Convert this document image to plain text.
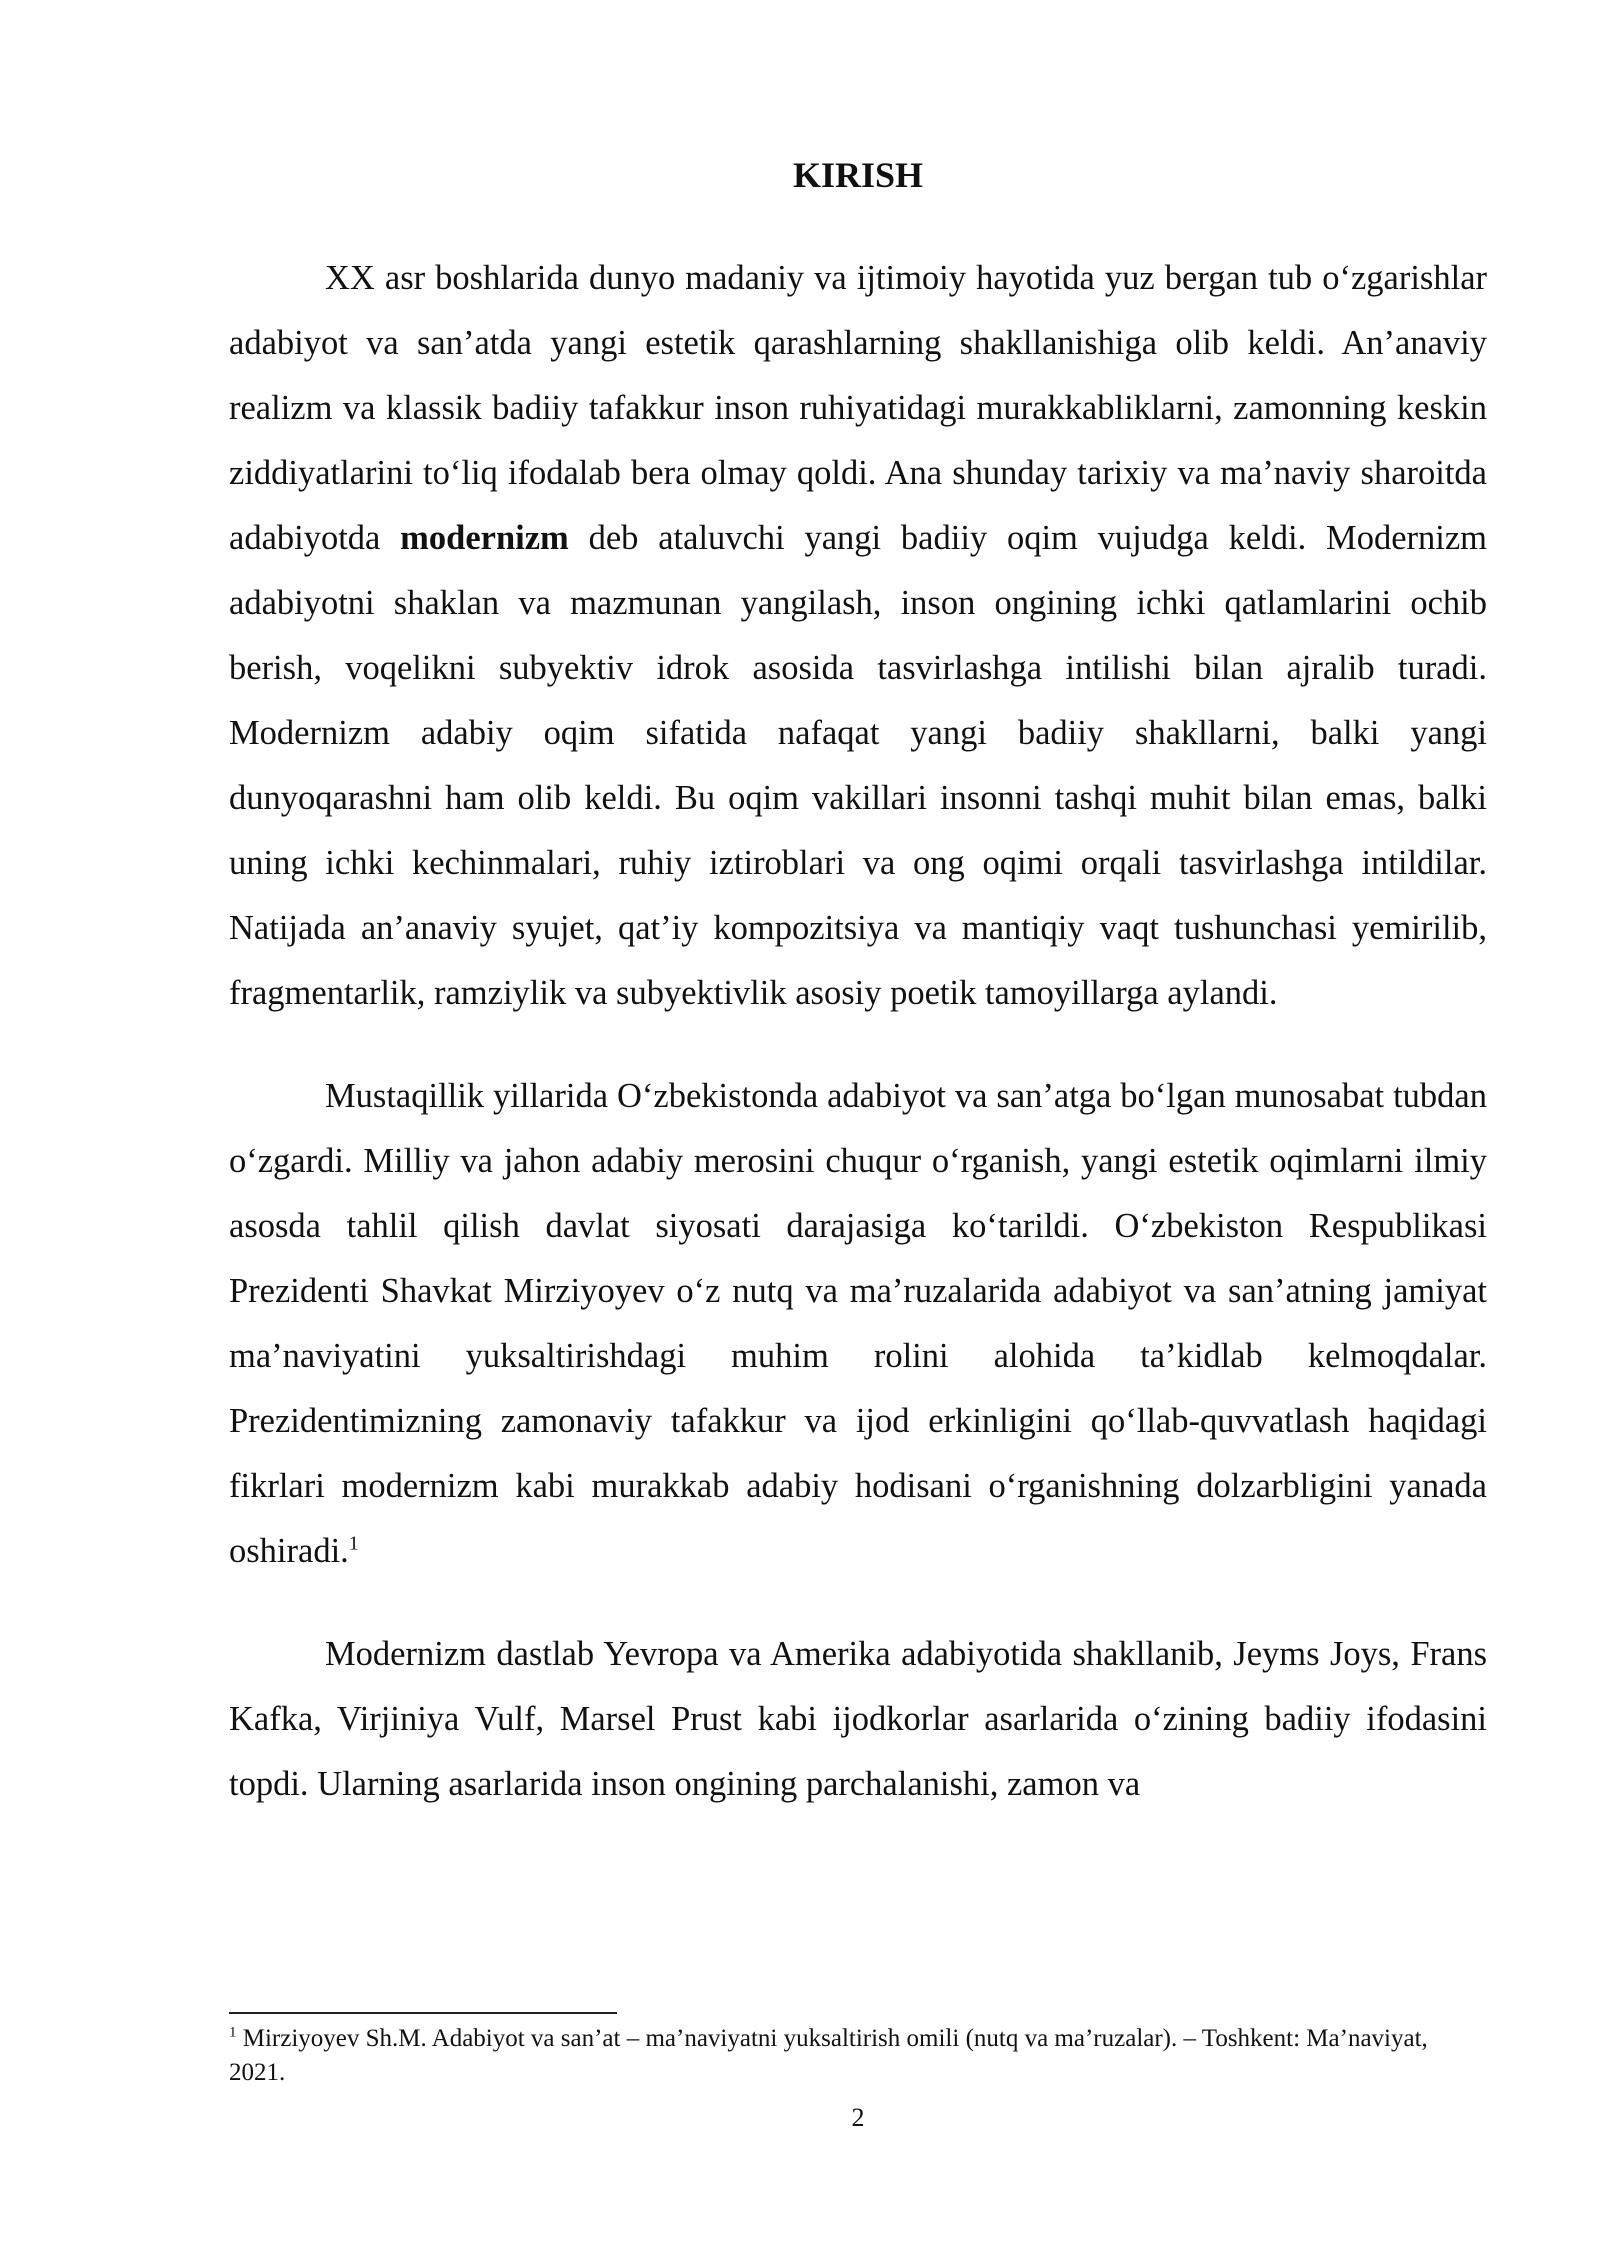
KIRISH

XX asr boshlarida dunyo madaniy va ijtimoiy hayotida yuz bergan tub oʻzgarishlar adabiyot va san’atda yangi estetik qarashlarning shakllanishiga olib keldi. An’anaviy realizm va klassik badiiy tafakkur inson ruhiyatidagi murakkabliklarni, zamonning keskin ziddiyatlarini toʻliq ifodalab bera olmay qoldi. Ana shunday tarixiy va ma’naviy sharoitda adabiyotda modernizm deb ataluvchi yangi badiiy oqim vujudga keldi. Modernizm adabiyotni shaklan va mazmunan yangilash, inson ongining ichki qatlamlarini ochib berish, voqelikni subyektiv idrok asosida tasvirlashga intilishi bilan ajralib turadi. Modernizm adabiy oqim sifatida nafaqat yangi badiiy shakllarni, balki yangi dunyoqarashni ham olib keldi. Bu oqim vakillari insonni tashqi muhit bilan emas, balki uning ichki kechinmalari, ruhiy iztiroblari va ong oqimi orqali tasvirlashga intildilar. Natijada an’anaviy syujet, qat’iy kompozitsiya va mantiqiy vaqt tushunchasi yemirilib, fragmentarlik, ramziylik va subyektivlik asosiy poetik tamoyillarga aylandi.

Mustaqillik yillarida Oʻzbekistonda adabiyot va san’atga boʻlgan munosabat tubdan oʻzgardi. Milliy va jahon adabiy merosini chuqur oʻrganish, yangi estetik oqimlarni ilmiy asosda tahlil qilish davlat siyosati darajasiga koʻtarildi. Oʻzbekiston Respublikasi Prezidenti Shavkat Mirziyoyev oʻz nutq va ma’ruzalarida adabiyot va san’atning jamiyat ma’naviyatini yuksaltirishdagi muhim rolini alohida ta’kidlab kelmoqdalar. Prezidentimizning zamonaviy tafakkur va ijod erkinligini qoʻllab-quvvatlash haqidagi fikrlari modernizm kabi murakkab adabiy hodisani oʻrganishning dolzarbligini yanada oshiradi.$^1$

Modernizm dastlab Yevropa va Amerika adabiyotida shakllanib, Jeyms Joys, Frans Kafka, Virjiniya Vulf, Marsel Prust kabi ijodkorlar asarlarida oʻzining badiiy ifodasini topdi. Ularning asarlarida inson ongining parchalanishi, zamon va

$^1$ Mirziyoyev Sh.M. Adabiyot va san’at – ma’naviyatni yuksaltirish omili (nutq va ma’ruzalar). – Toshkent: Ma’naviyat, 2021.

2
